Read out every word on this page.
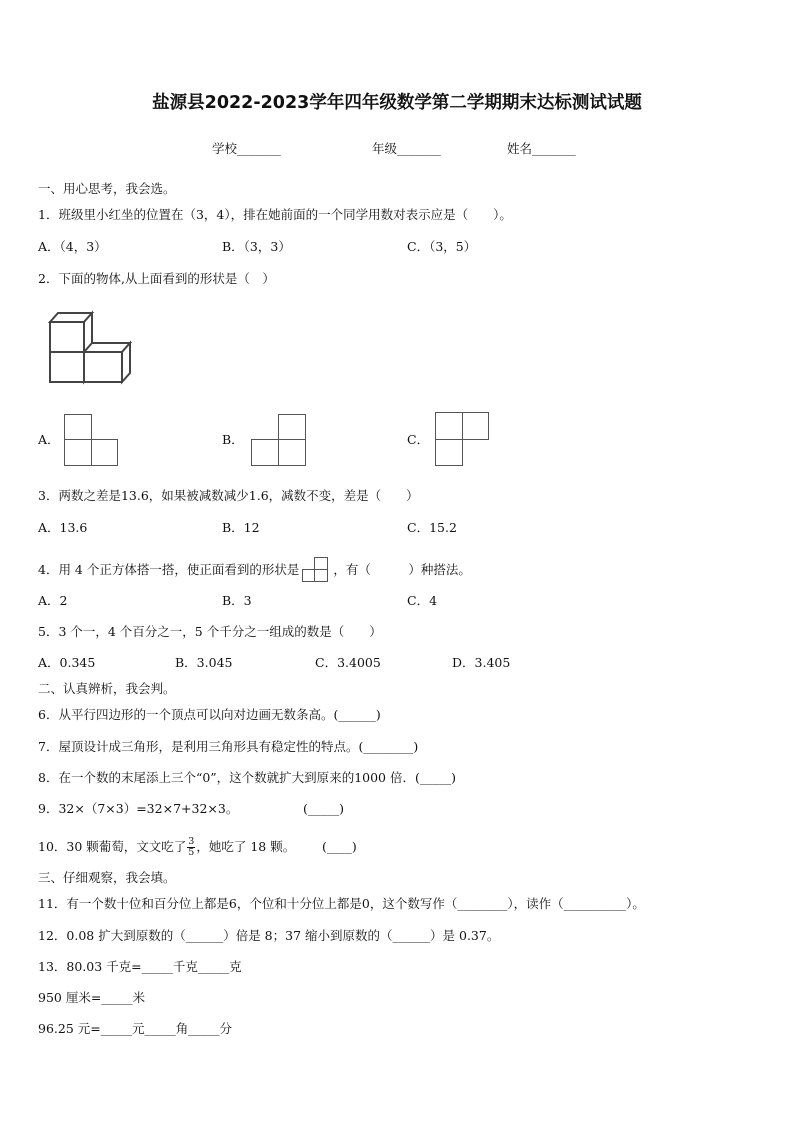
盐源县2022-2023学年四年级数学第二学期期末达标测试试题
学校_______	年级_______	姓名_______
一、用心思考，我会选。
1．班级里小红坐的位置在（3，4），排在她前面的一个同学用数对表示应是（　　）。
A．（4，3）	B．（3，3）	C．（3，5）
2．下面的物体,从上面看到的形状是（　）
A．	B．	C．
3．两数之差是13.6，如果被减数减少1.6，减数不变，差是（　　）
A．13.6	B．12	C．15.2
4．用 4 个正方体搭一搭，使正面看到的形状是	，有（　　　）种搭法。
A．2	B．3	C．4
5．3 个一，4 个百分之一，5 个千分之一组成的数是（　　）
A．0.345	B．3.045	C．3.4005	D．3.405
二、认真辨析，我会判。
6．从平行四边形的一个顶点可以向对边画无数条高。(______)
7．屋顶设计成三角形，是利用三角形具有稳定性的特点。(________)
8．在一个数的末尾添上三个“0”，这个数就扩大到原来的1000 倍．(_____)
9．32×（7×3）=32×7+32×3。	(_____)
10．30 颗葡萄，文文吃了 $\frac{3}{5}$ ，她吃了 18 颗。 (____)
三、仔细观察，我会填。
11．有一个数十位和百分位上都是6，个位和十分位上都是0，这个数写作（________），读作（__________）。
12．0.08 扩大到原数的（______）倍是 8；37 缩小到原数的（______）是 0.37。
13．80.03 千克=_____千克_____克
950 厘米=_____米
96.25 元=_____元_____角_____分
